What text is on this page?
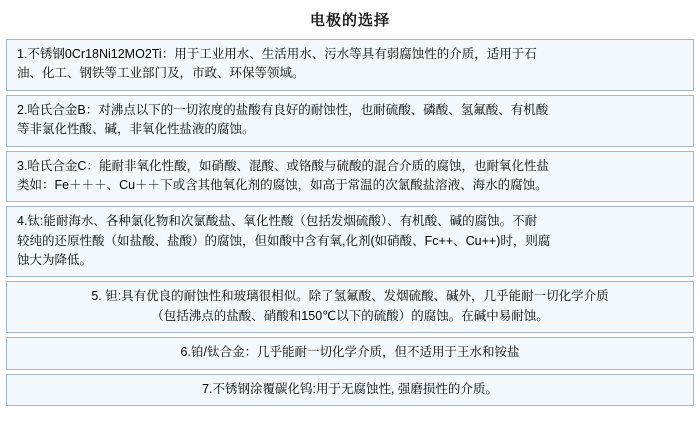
电极的选择

1.不锈钢0Cr18Ni12MO2Ti：用于工业用水、生活用水、污水等具有弱腐蚀性的介质，适用于石

油、化工、钢铁等工业部门及，市政、环保等领域。

2.哈氏合金B：对沸点以下的一切浓度的盐酸有良好的耐蚀性，也耐硫酸、磷酸、氢氟酸、有机酸

等非氯化性酸、碱，非氧化性盐液的腐蚀。

3.哈氏合金C：能耐非氧化性酸，如硝酸、混酸、或铬酸与硫酸的混合介质的腐蚀，也耐氧化性盐

类如：Fe＋＋＋、Cu＋＋下或含其他氧化剂的腐蚀，如高于常温的次氯酸盐溶液、海水的腐蚀。

4.钛:能耐海水、各种氯化物和次氯酸盐、氧化性酸（包括发烟硫酸）、有机酸、碱的腐蚀。不耐

较纯的还原性酸（如盐酸、盐酸）的腐蚀，但如酸中含有氧,化剂(如硝酸、Fc++、Cu++)时，则腐

蚀大为降低。

5. 钽:具有优良的耐蚀性和玻璃很相似。除了氢氟酸、发烟硫酸、碱外，几乎能耐一切化学介质

（包括沸点的盐酸、硝酸和150℃以下的硫酸）的腐蚀。在碱中易耐蚀。

6.铂/钛合金：几乎能耐一切化学介质，但不适用于王水和铵盐

7.不锈钢涂覆碳化钨:用于无腐蚀性, 强磨损性的介质。
